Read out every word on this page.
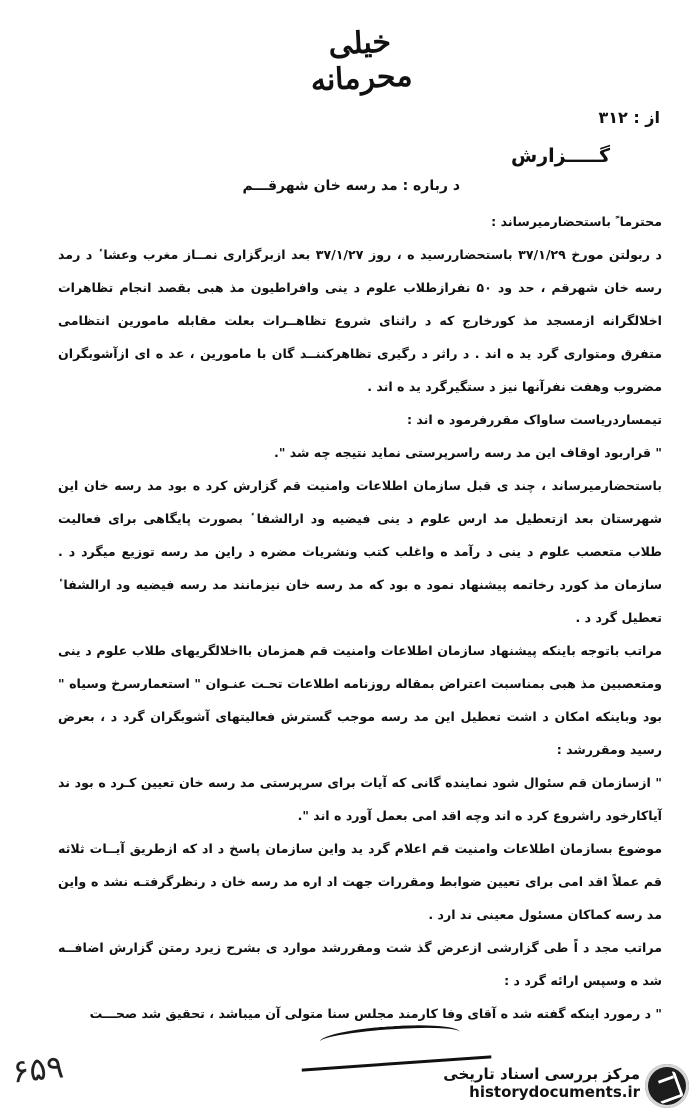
خیلی محرمانه
از : ۳۱۲
گـــــزارش
د رباره : مد رسه خان شهرقـــم

محترما ً باستحضارمیرساند :

د ربولتن مورخ ۳۷/۱/۲۹ باستحضاررسید ه ، روز ۳۷/۱/۲۷ بعد ازبرگزاری نمــاز مغرب وعشا ٔ د رمد رسه خان شهرقم ، حد ود ۵۰ نفرازطلاب علوم د ینی وافراطیون مذ هبی بقصد انجام تظاهرات اخلالگرانه ازمسجد مذ کورخارج که د راثنای شروع تظاهــرات بعلت مقابله مامورین انتظامی متفرق ومتواری گرد ید ه اند . د راثر د رگیری تظاهرکننــد گان با مامورین ، عد ه ای ازآشوبگران مضروب وهفت نفرآنها نیز د ستگیرگرد ید ه اند .

تیمساردریاست ساواک مقررفرمود ه اند :

" قراربود اوقاف این مد رسه راسرپرستی نماید نتیجه چه شد ".

باستحضارمیرساند ، چند ی قبل سازمان اطلاعات وامنیت قم گزارش کرد ه بود مد رسه خان این شهرستان بعد ازتعطیل مد ارس علوم د ینی فیضیه ود ارالشفا ٔ بصورت پایگاهی برای فعالیت طلاب متعصب علوم د ینی د رآمد ه واغلب کتب ونشریات مضره د راین مد رسه توزیع میگرد د . سازمان مذ کورد رخاتمه پیشنهاد نمود ه بود که مد رسه خان نیزمانند مد رسه فیضیه ود ارالشفا ٔ تعطیل گرد د .

مراتب باتوجه باینکه پیشنهاد سازمان اطلاعات وامنیت قم همزمان بااخلالگریهای طلاب علوم د ینی ومتعصبین مذ هبی بمناسبت اعتراض بمقاله روزنامه اطلاعات تحـت عنـوان " استعمارسرخ وسیاه " بود وباینکه امکان د اشت تعطیل این مد رسه موجب گسترش فعالیتهای آشوبگران گرد د ، بعرض رسید ومقررشد :

" ازسازمان قم سئوال شود نماینده گانی که آیات برای سرپرستی مد رسه خان تعیین کـرد ه بود ند آیاکارخود راشروع کرد ه اند وچه اقد امی بعمل آورد ه اند ".

موضوع بسازمان اطلاعات وامنیت قم اعلام گرد ید واین سازمان پاسخ د اد که ازطریق آیــات ثلاثه قم عملاً اقد امی برای تعیین ضوابط ومقررات جهت اد اره مد رسه خان د رنظرگرفتـه نشد ه واین مد رسه کماکان مسئول معینی ند ارد .

مراتب مجد د اً طی گزارشی ازعرض گذ شت ومقررشد موارد ی بشرح زیرد رمتن گزارش اضافــه شد ه وسپس ارائه گرد د :

" د رمورد اینکه گفته شد ه آقای وفا کارمند مجلس سنا متولی آن میباشد ، تحقیق شد صحـــت

۶۵۹	مرکز بررسی اسناد تاریخی
historydocuments.ir
